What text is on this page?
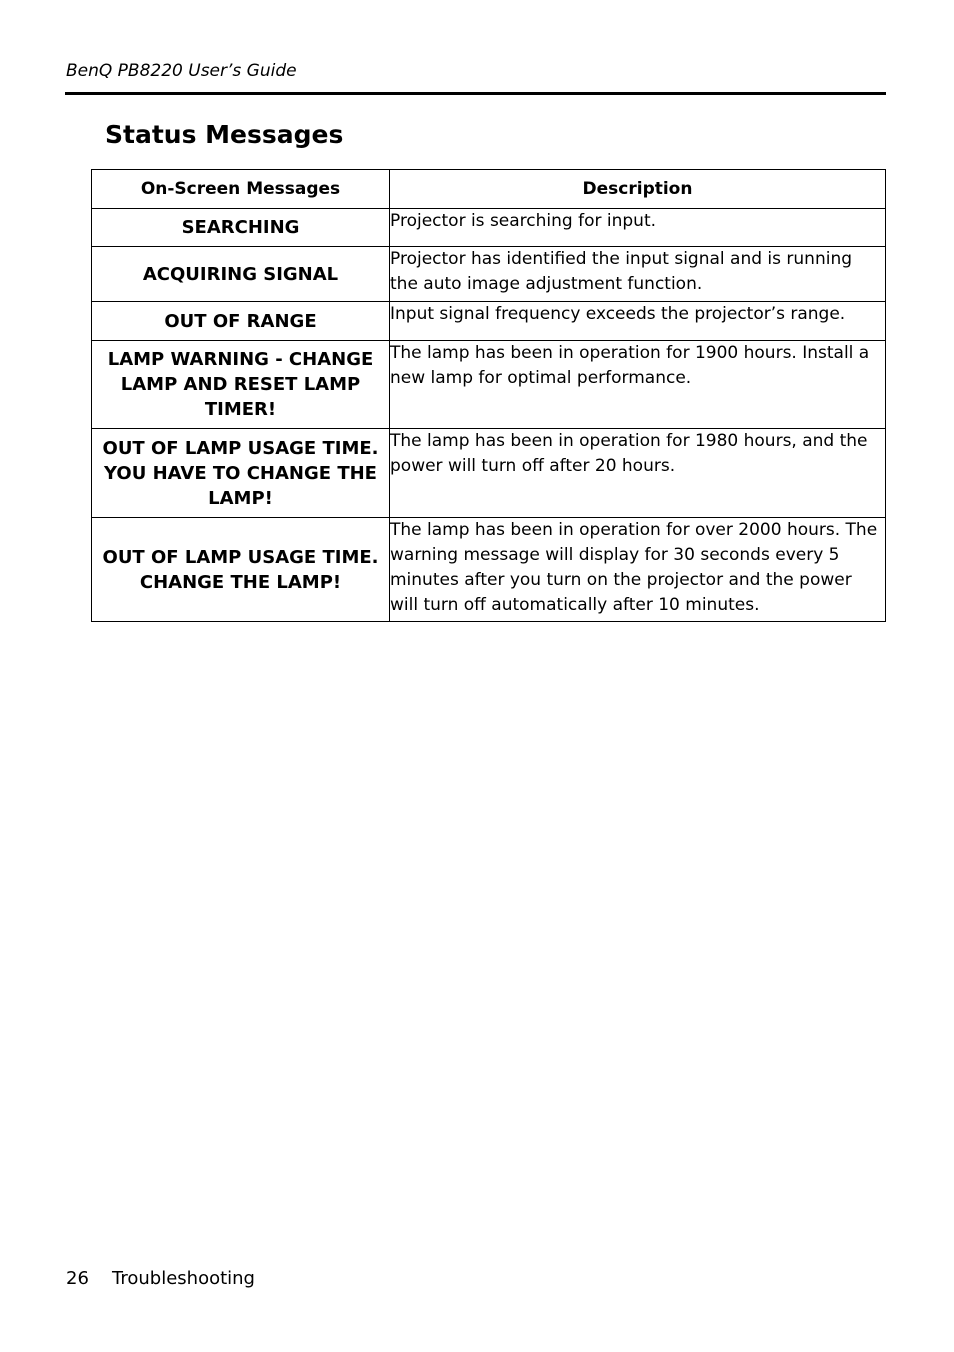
BenQ PB8220 User’s Guide
Status Messages
On-Screen Messages	Description

SEARCHING	Projector is searching for input.

ACQUIRING SIGNAL	Projector has identified the input signal and is running the auto image adjustment function.

OUT OF RANGE	Input signal frequency exceeds the projector’s range.

LAMP WARNING - CHANGE LAMP AND RESET LAMP TIMER!	The lamp has been in operation for 1900 hours. Install a new lamp for optimal performance.

OUT OF LAMP USAGE TIME. YOU HAVE TO CHANGE THE LAMP!	The lamp has been in operation for 1980 hours, and the power will turn off after 20 hours.

OUT OF LAMP USAGE TIME. CHANGE THE LAMP!	The lamp has been in operation for over 2000 hours. The warning message will display for 30 seconds every 5 minutes after you turn on the projector and the power will turn off automatically after 10 minutes.
26 Troubleshooting
